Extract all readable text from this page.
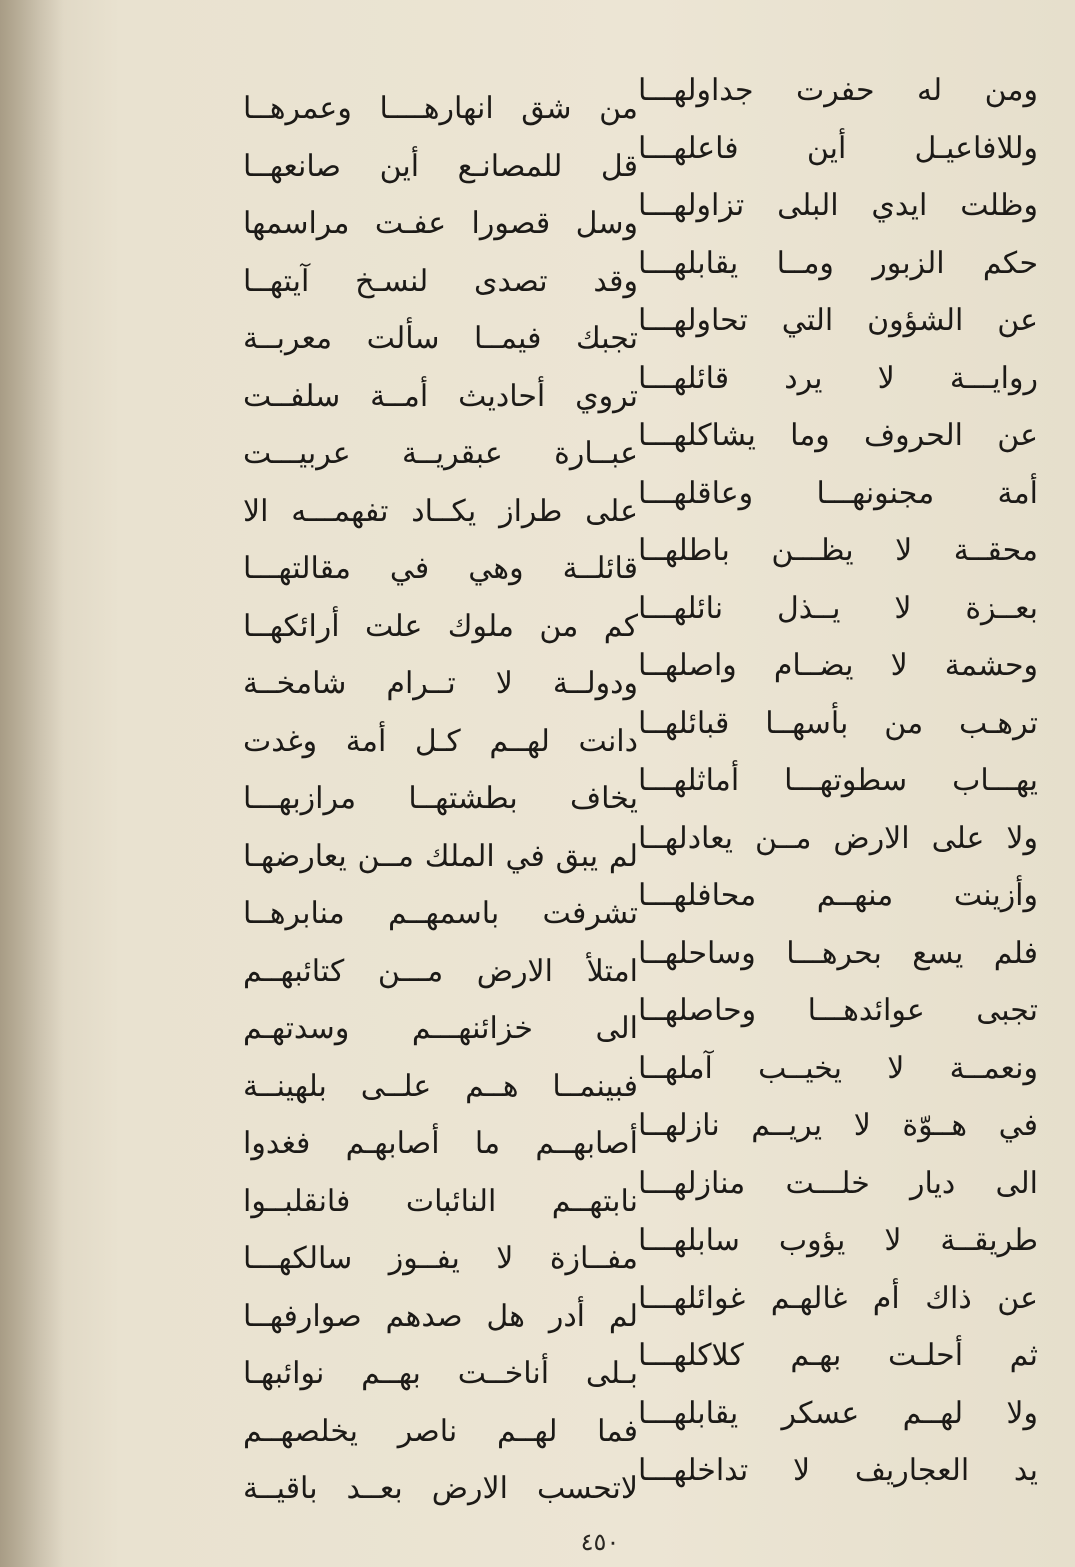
من شق انهارهــــا وعمرهــا
قل للمصانـع أين صانعهــا
وسل قصورا عفـت مراسمها
وقد تصدى لنسـخ آيتهــا
تجبك فيمــا سألت معربــة
تروي أحاديث أمــة سلفــت
عبــارة عبقريــة عربيـــت
على طراز يكــاد تفهمـــه الا
قائلــة وهي في مقالتهـــا
كم من ملوك علت أرائكهــا
ودولــة لا تــرام شامخــة
دانت لهــم كـل أمة وغدت
يخاف بطشتهــا مرازبهـــا
لم يبق في الملك مــن يعارضهـا
تشرفت باسمهــم منابرهــا
امتلأ الارض مـــن كتائبهــم
الى خزائنهـــم وسدتهـم
فبينمــا هــم علــى بلهينــة
أصابهــم ما أصابهـم فغدوا
نابتهــم النائبات فانقلبــوا
مفــازة لا يفــوز سالكهـــا
لم أدر هل صدهم صوارفهــا
بـلى أناخــت بهــم نوائبهـا
فما لهــم ناصر يخلصهــم
لاتحسب الارض بعــد باقيــة
ومن له حفرت جداولهـــا
وللافاعيـل أين فاعلهـــا
وظلت ايدي البلى تزاولهـــا
حكم الزبور ومــا يقابلهـــا
عن الشؤون التي تحاولهـــا
روايـــة لا يرد قائلهـــا
عن الحروف وما يشاكلهـــا
أمة مجنونهـــا وعاقلهـــا
محقــة لا يظـــن باطلهــا
بعــزة لا يــذل نائلهـــا
وحشمة لا يضــام واصلهــا
ترهـب من بأسهــا قبائلهــا
يهـــاب سطوتهـــا أماثلهـــا
ولا على الارض مــن يعادلهــا
وأزينت منهــم محافلهـــا
فلم يسع بحرهـــا وساحلهــا
تجبى عوائدهـــا وحاصلهــا
ونعمــة لا يخيــب آملهــا
في هــوّة لا يريــم نازلهــا
الى ديار خلـــت منازلهـــا
طريقــة لا يؤوب سابلهـــا
عن ذاك أم غالهـم غوائلهـــا
ثم أحلـت بهـم كلاكلهـــا
ولا لهــم عسكر يقابلهـــا
يد العجاريف لا تداخلهـــا
٤٥٠
